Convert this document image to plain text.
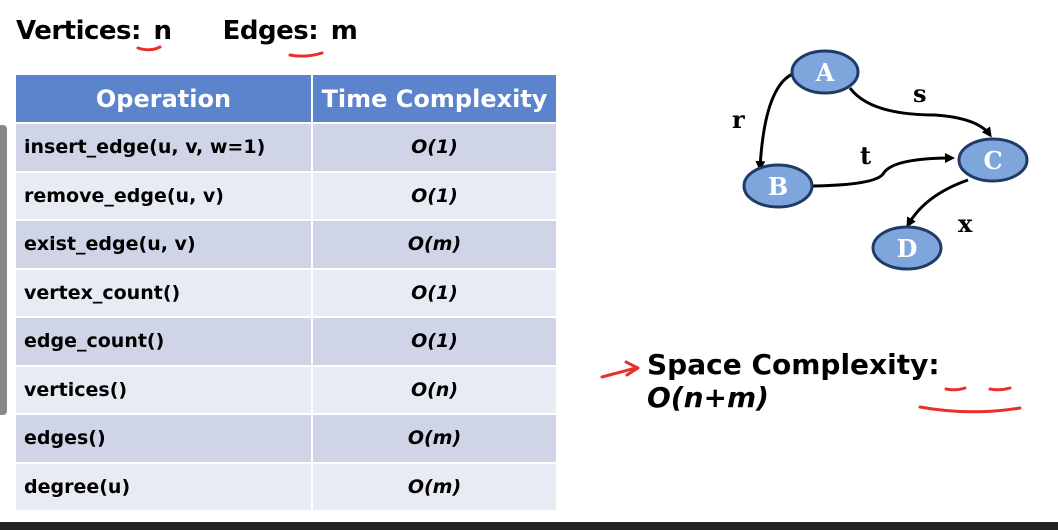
Vertices: n Edges: m
Operation	Time Complexity
insert_edge(u, v, w=1)	O(1)
remove_edge(u, v)	O(1)
exist_edge(u, v)	O(m)
vertex_count()	O(1)
edge_count()	O(1)
vertices()	O(n)
edges()	O(m)
degree(u)	O(m)
r
s
t
x
A
B
C
D
Space Complexity: O(n+m)
